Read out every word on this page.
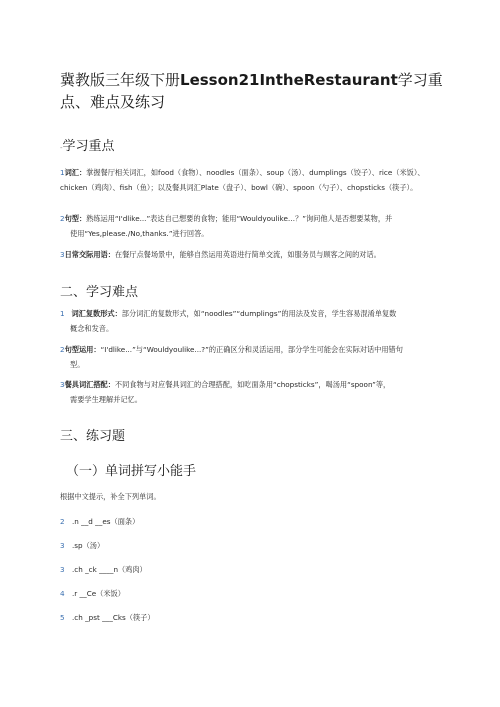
冀教版三年级下册Lesson21IntheRestaurant学习重点、难点及练习
-学习重点
1词汇：掌握餐厅相关词汇，如food（食物）、noodles（面条）、soup（汤）、dumplings（饺子）、rice（米饭）、chicken（鸡肉）、fish（鱼）；以及餐具词汇Plate（盘子）、bowl（碗）、spoon（勺子）、chopsticks（筷子）。
2句型：熟练运用“I'dlike...”表达自己想要的食物；能用“Wouldyoulike…？”询问他人是否想要某物，并
使用“Yes,please./No,thanks.”进行回答。
3日常交际用语：在餐厅点餐场景中，能够自然运用英语进行简单交流，如服务员与顾客之间的对话。
二、学习难点
1 词汇复数形式：部分词汇的复数形式，如“noodles”“dumplings”的用法及发音，学生容易混淆单复数
概念和发音。
2句型运用：“I'dlike...”与“Wouldyoulike...?”的正确区分和灵活运用，部分学生可能会在实际对话中用错句
型。
3餐具词汇搭配：不同食物与对应餐具词汇的合理搭配，如吃面条用“chopsticks”，喝汤用“spoon”等，
需要学生理解并记忆。
三、练习题
（一）单词拼写小能手
根据中文提示，补全下列单词。
2 .n __d __es（面条）
3 .sp（汤）
3 .ch _ck ____n（鸡肉）
4 .r __Ce（米饭）
5 .ch _pst ___Cks（筷子）
